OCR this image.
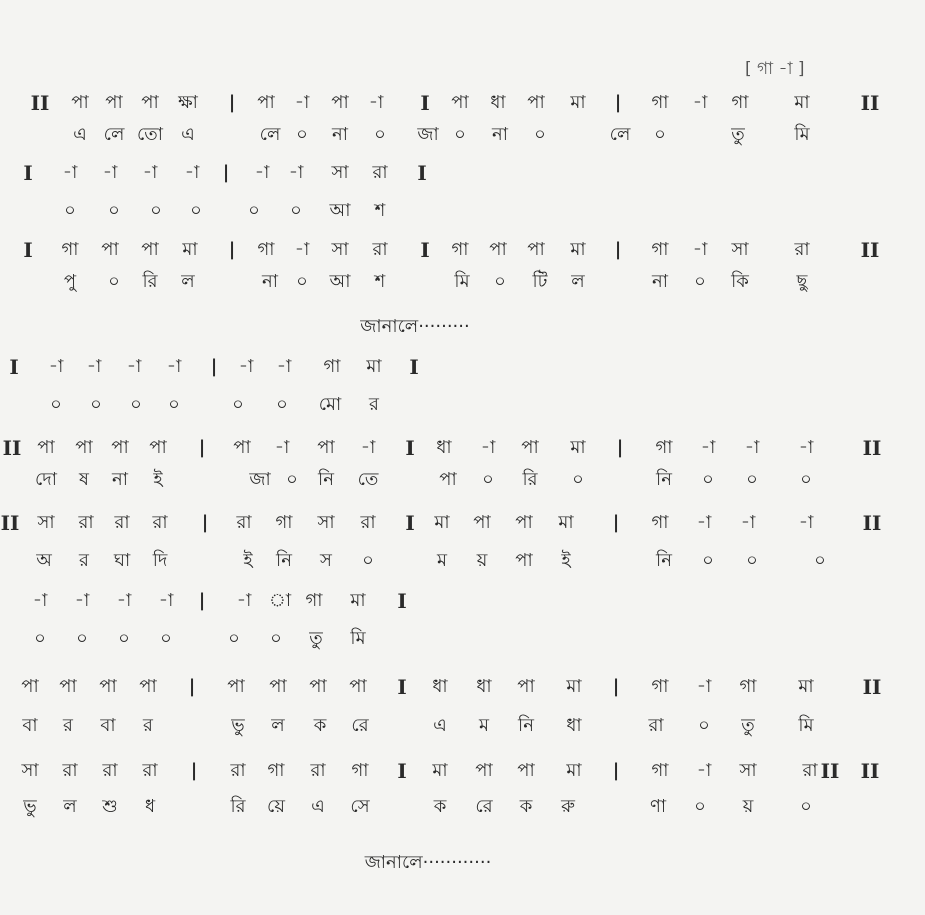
[ গা -া ]
II পা পা পা ক্ষা | পা -া পা -া I পা ধা পা মা | গা -া গা	মা	II
এ লে তো এ	লে ০ না ০ জা ০ না ০	লে ০	তু	মি
I -া -া -া -া | -া -া সা রা I
০ ০ ০ ০	০ ০ আ শ
I গা পা পা মা | গা -া সা রা I গা পা পা মা | গা -া সা	রা	II
পু ০ রি ল	না ০ আ শ	মি ০ টি ল	না ০ কি	ছু
I -া -া -া -া | -া -া গা মা I
০ ০ ০ ০	০ ০ মো র
II পা পা পা পা | পা -া পা -া I ধা -া পা মা | গা -া -া -া II
দো ষ না ই	জা ০ নি তে	পা ০ রি ০	নি ০ ০ ০
II সা রা রা রা | রা গা সা রা I মা পা পা মা | গা -া -া -া II
অ র ঘা দি	ই নি স ০	ম য় পা ই	নি ০ ০	০
-া -া -া -া | -া া গা মা I
০ ০ ০ ০	০ ০ তু মি
পা পা পা পা | পা পা পা পা I ধা ধা পা মা | গা -া গা মা II
বা র বা র	ভু ল ক রে	এ ম নি ধা	রা ০ তু মি
সা রা রা রা | রা গা রা গা I মা পা পা মা | গা -া সা	রা II II
ভু ল শু ধ	রি য়ে এ সে	ক রে ক রু	ণা ০ য়	০
জানালে·········
জানালে············
